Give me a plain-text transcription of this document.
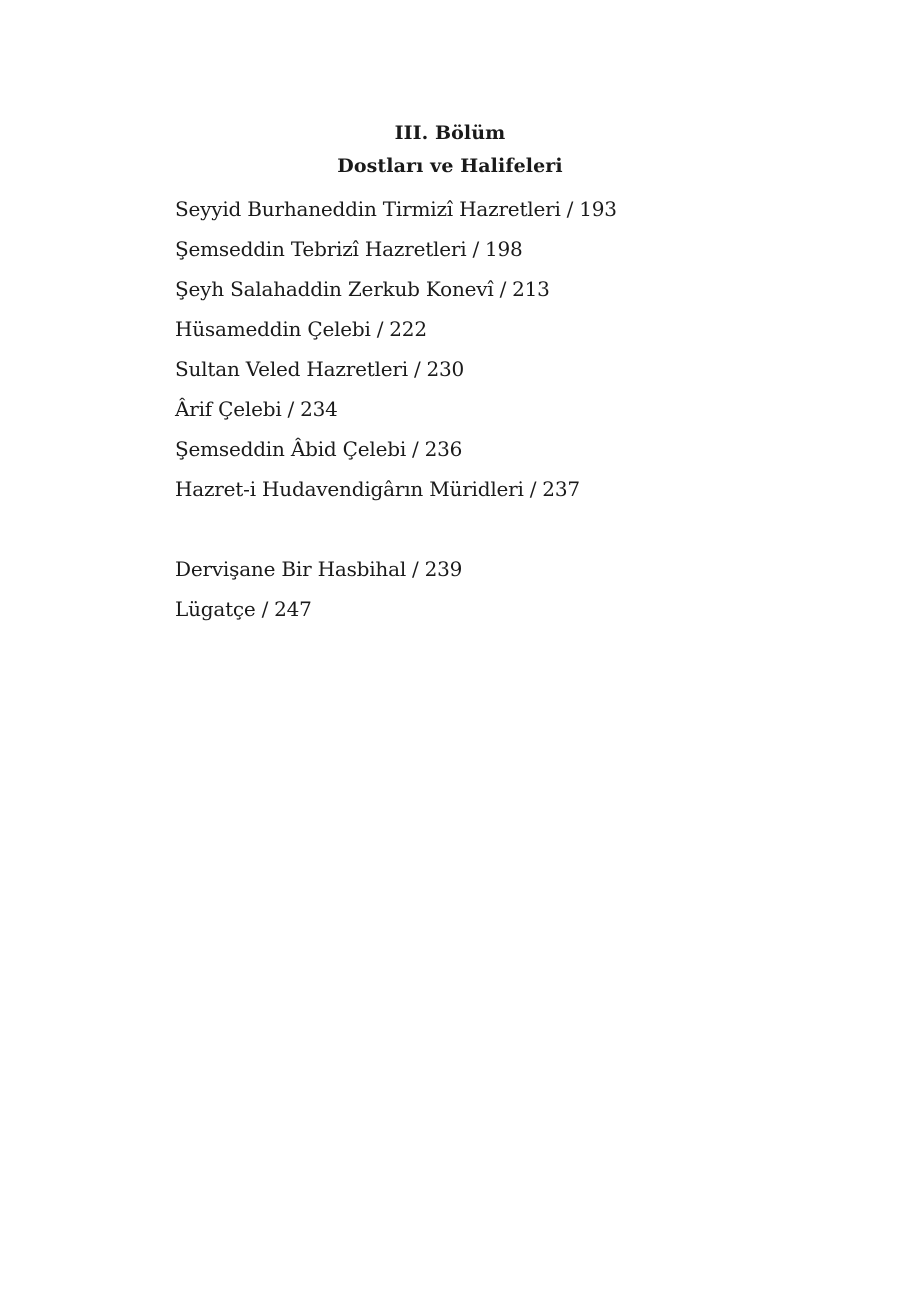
III. Bölüm
Dostları ve Halifeleri
Seyyid Burhaneddin Tirmizî Hazretleri / 193
Şemseddin Tebrizî Hazretleri / 198
Şeyh Salahaddin Zerkub Konevî / 213
Hüsameddin Çelebi / 222
Sultan Veled Hazretleri / 230
Ârif Çelebi / 234
Şemseddin Âbid Çelebi / 236
Hazret-i Hudavendigârın Müridleri / 237
Dervişane Bir Hasbihal / 239
Lügatçe / 247
